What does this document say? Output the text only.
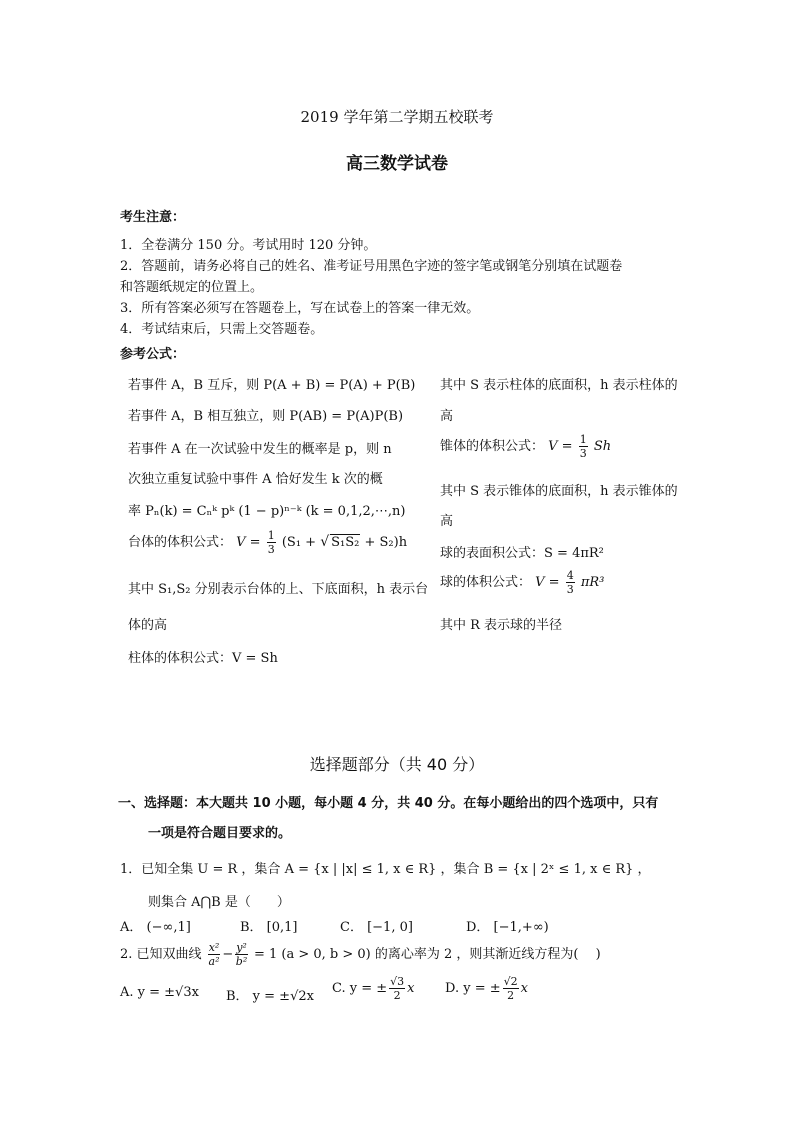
2019 学年第二学期五校联考
高三数学试卷
考生注意：
1．全卷满分 150 分。考试用时 120 分钟。
2．答题前，请务必将自己的姓名、准考证号用黑色字迹的签字笔或钢笔分别填在试题卷
和答题纸规定的位置上。
3．所有答案必须写在答题卷上，写在试卷上的答案一律无效。
4．考试结束后，只需上交答题卷。
参考公式：
若事件 A，B 互斥，则 P(A + B) = P(A) + P(B)
若事件 A，B 相互独立，则 P(AB) = P(A)P(B)
若事件 A 在一次试验中发生的概率是 p，则 n
次独立重复试验中事件 A 恰好发生 k 次的概
率 Pₙ(k) = Cₙᵏ pᵏ (1 − p)ⁿ⁻ᵏ (k = 0,1,2,⋯,n)
台体的体积公式： $V = \frac{1}{3} (S_1$ + √ S₁S₂ + S₂)h
其中 S₁,S₂ 分别表示台体的上、下底面积，h 表示台
体的高
柱体的体积公式：V = Sh
其中 S 表示柱体的底面积，h 表示柱体的
高
锥体的体积公式： $V = \frac{1}{3}$ Sh
其中 S 表示锥体的底面积，h 表示锥体的
高
球的表面积公式：S = 4πR²
球的体积公式： $V = \frac{4}{3} \pi R^3$
其中 R 表示球的半径
选择题部分（共 40 分）
一、选择题：本大题共 10 小题，每小题 4 分，共 40 分。在每小题给出的四个选项中，只有
一项是符合题目要求的。
1．已知全集 U = R ，集合 A = {x | |x| ≤ 1, x ∈ R} ，集合 B = {x | 2ˣ ≤ 1, x ∈ R} ，
则集合 A⋂B 是（　　）
A． (−∞,1]	B． [0,1]	C． [−1, 0]	D． [−1,+∞)
2. 已知双曲线 $\frac{\text{x²}}{\text{a²}} - \frac{\text{y²}}{\text{b²}} = 1$ (a > 0, b > 0) 的离心率为 2 ，则其渐近线方程为(　 )
A. y = ±√3x B． y = ±√2x
C. y = ± $\frac{√3}{2}$ x D. y = ± $\frac{√2}{2}$ x
